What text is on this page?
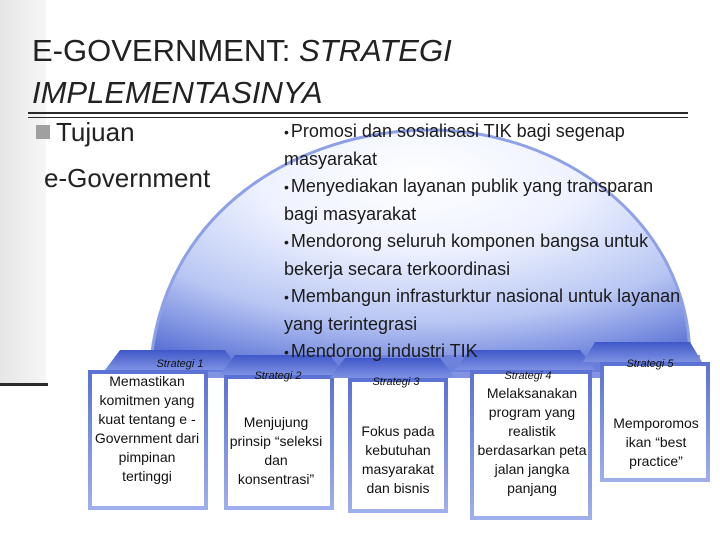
E-GOVERNMENT: STRATEGI
IMPLEMENTASINYA
Tujuan
e-Government
• Promosi dan sosialisasi TIK bagi segenap masyarakat
• Menyediakan layanan publik yang transparan bagi masyarakat
• Mendorong seluruh komponen bangsa untuk bekerja secara terkoordinasi
• Membangun infrasturktur nasional untuk layanan yang terintegrasi
• Mendorong industri TIK
Strategi 1
Memastikan komitmen yang kuat tentang e -Government dari pimpinan tertinggi
Strategi 2
Menjujung prinsip “seleksi dan konsentrasi”
Strategi 3
Fokus pada kebutuhan masyarakat dan bisnis
Strategi 4
Melaksanakan program yang realistik berdasarkan peta jalan jangka panjang
Strategi 5
Memporomos ikan “best practice”
